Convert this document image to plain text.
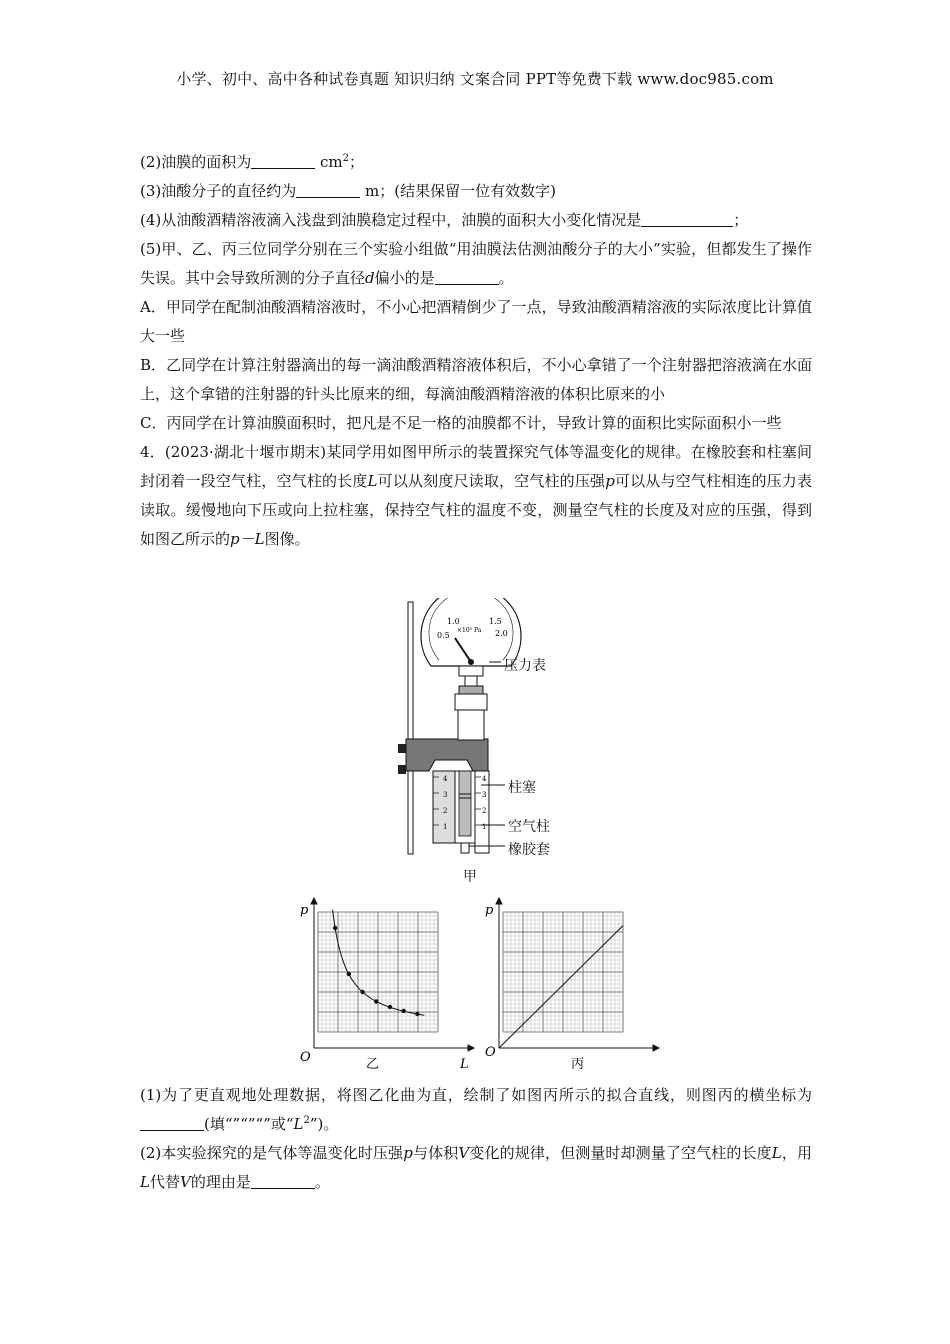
小学、初中、高中各种试卷真题 知识归纳 文案合同 PPT等免费下载 www.doc985.com

(2)油膜的面积为	$cm^2$；

(3)油酸分子的直径约为	m；(结果保留一位有效数字)

(4)从油酸酒精溶液滴入浅盘到油膜稳定过程中，油膜的面积大小变化情况是	；

(5)甲、乙、丙三位同学分别在三个实验小组做“用油膜法估测油酸分子的大小”实验，但都发生了操作失误。其中会导致所测的分子直径d偏小的是	。

A．甲同学在配制油酸酒精溶液时，不小心把酒精倒少了一点，导致油酸酒精溶液的实际浓度比计算值大一些

B．乙同学在计算注射器滴出的每一滴油酸酒精溶液体积后，不小心拿错了一个注射器把溶液滴在水面上，这个拿错的注射器的针头比原来的细，每滴油酸酒精溶液的体积比原来的小

C．丙同学在计算油膜面积时，把凡是不足一格的油膜都不计，导致计算的面积比实际面积小一些

4．(2023·湖北十堰市期末)某同学用如图甲所示的装置探究气体等温变化的规律。在橡胶套和柱塞间封闭着一段空气柱，空气柱的长度L可以从刻度尺读取，空气柱的压强p可以从与空气柱相连的压力表读取。缓慢地向下压或向上拉柱塞，保持空气柱的温度不变，测量空气柱的长度及对应的压强，得到如图乙所示的p－L图像。

1.0	1.5
0.5	2.0
×10⁵ Pa
4
3
2
1
4
3
2
1
压力表
柱塞
空气柱
橡胶套
甲
p
O	L
乙
p
O
丙

(1)为了更直观地处理数据，将图乙化曲为直，绘制了如图丙所示的拟合直线，则图丙的横坐标为(填“”“”“”或“$L^2$”)。

(2)本实验探究的是气体等温变化时压强p与体积V变化的规律，但测量时却测量了空气柱的长度L，用L代替V的理由是	。
